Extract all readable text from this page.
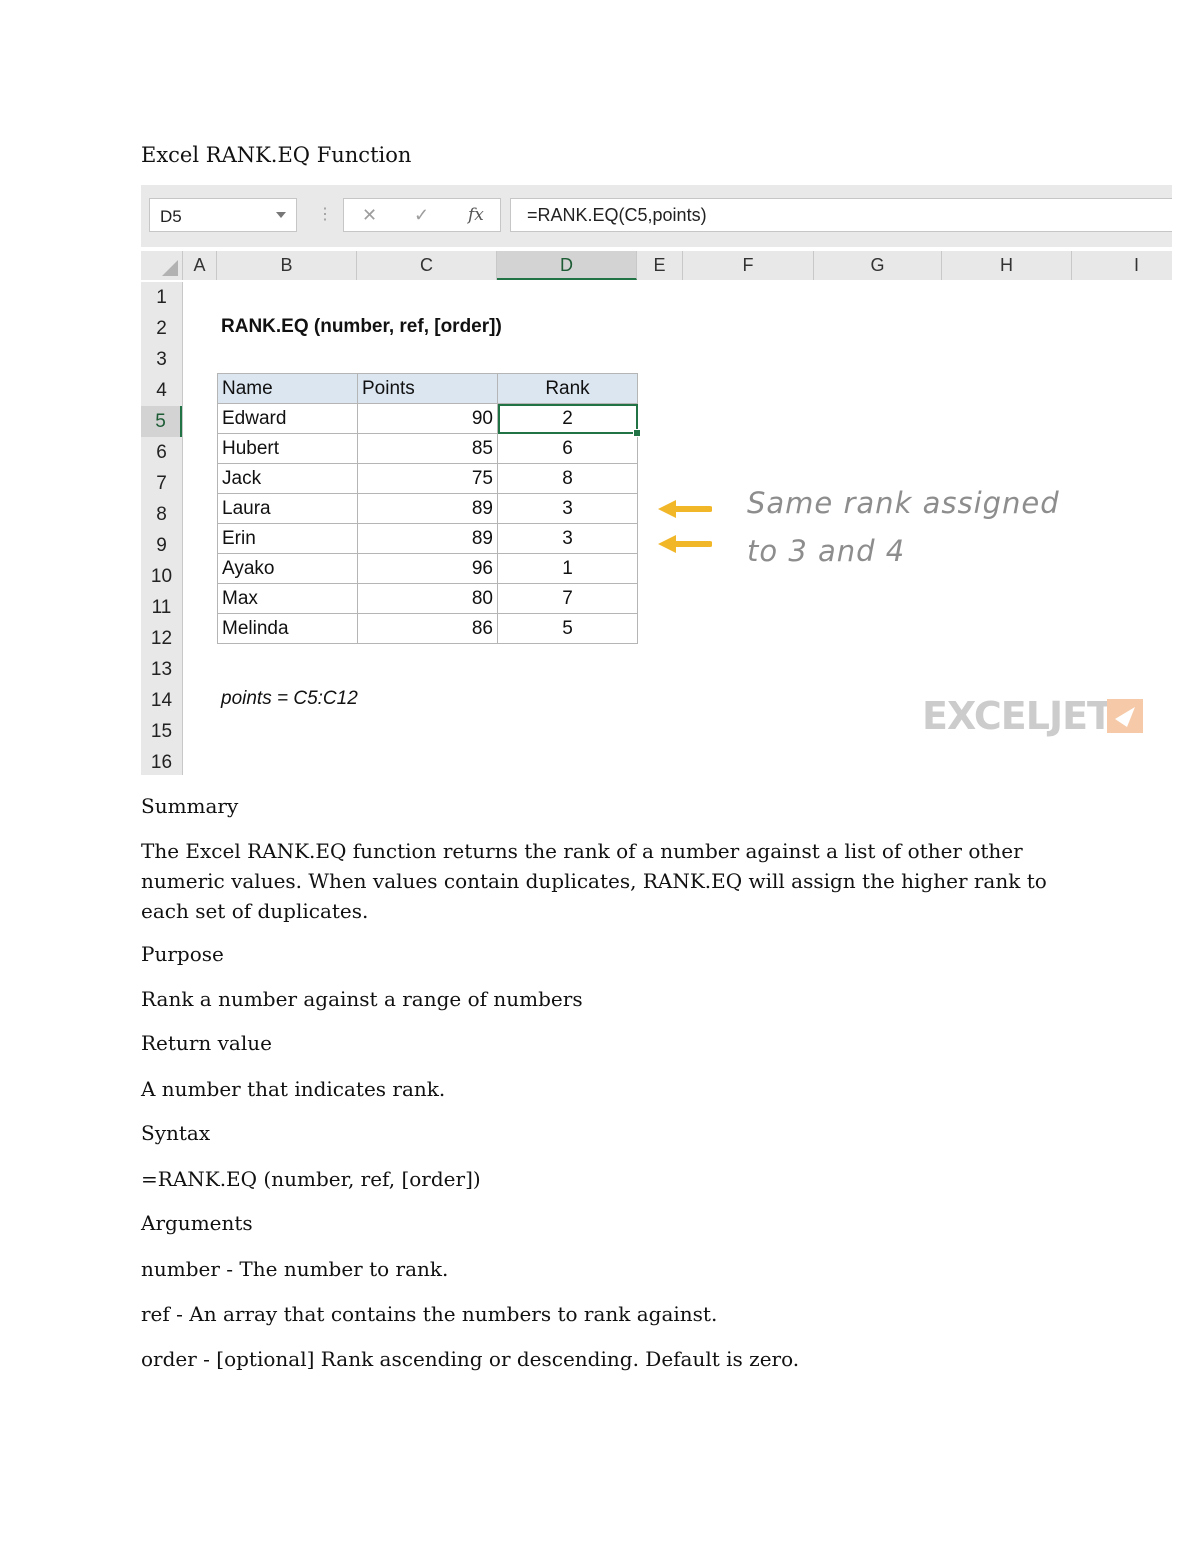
Excel RANK.EQ Function
D5	⋮ ✕ ✓ fx	=RANK.EQ(C5,points)
A	B	C	D	E	F	G	H	I
1
2
3
4
5
6
7
8
9
10
11
12
13
14
15
16
RANK.EQ (number, ref, [order])
Name	Points	Rank
Edward	90	2

Hubert	85	6
Jack	75	8
Laura	89	3
Erin	89	3
Ayako	96	1
Max	80	7
Melinda	86	5
points = C5:C12
Same rank assigned
to 3 and 4
EXCELJET
Summary
The Excel RANK.EQ function returns the rank of a number against a list of other other numeric values. When values contain duplicates, RANK.EQ will assign the higher rank to each set of duplicates.
Purpose
Rank a number against a range of numbers
Return value
A number that indicates rank.
Syntax
=RANK.EQ (number, ref, [order])
Arguments
number - The number to rank.
ref - An array that contains the numbers to rank against.
order - [optional] Rank ascending or descending. Default is zero.
